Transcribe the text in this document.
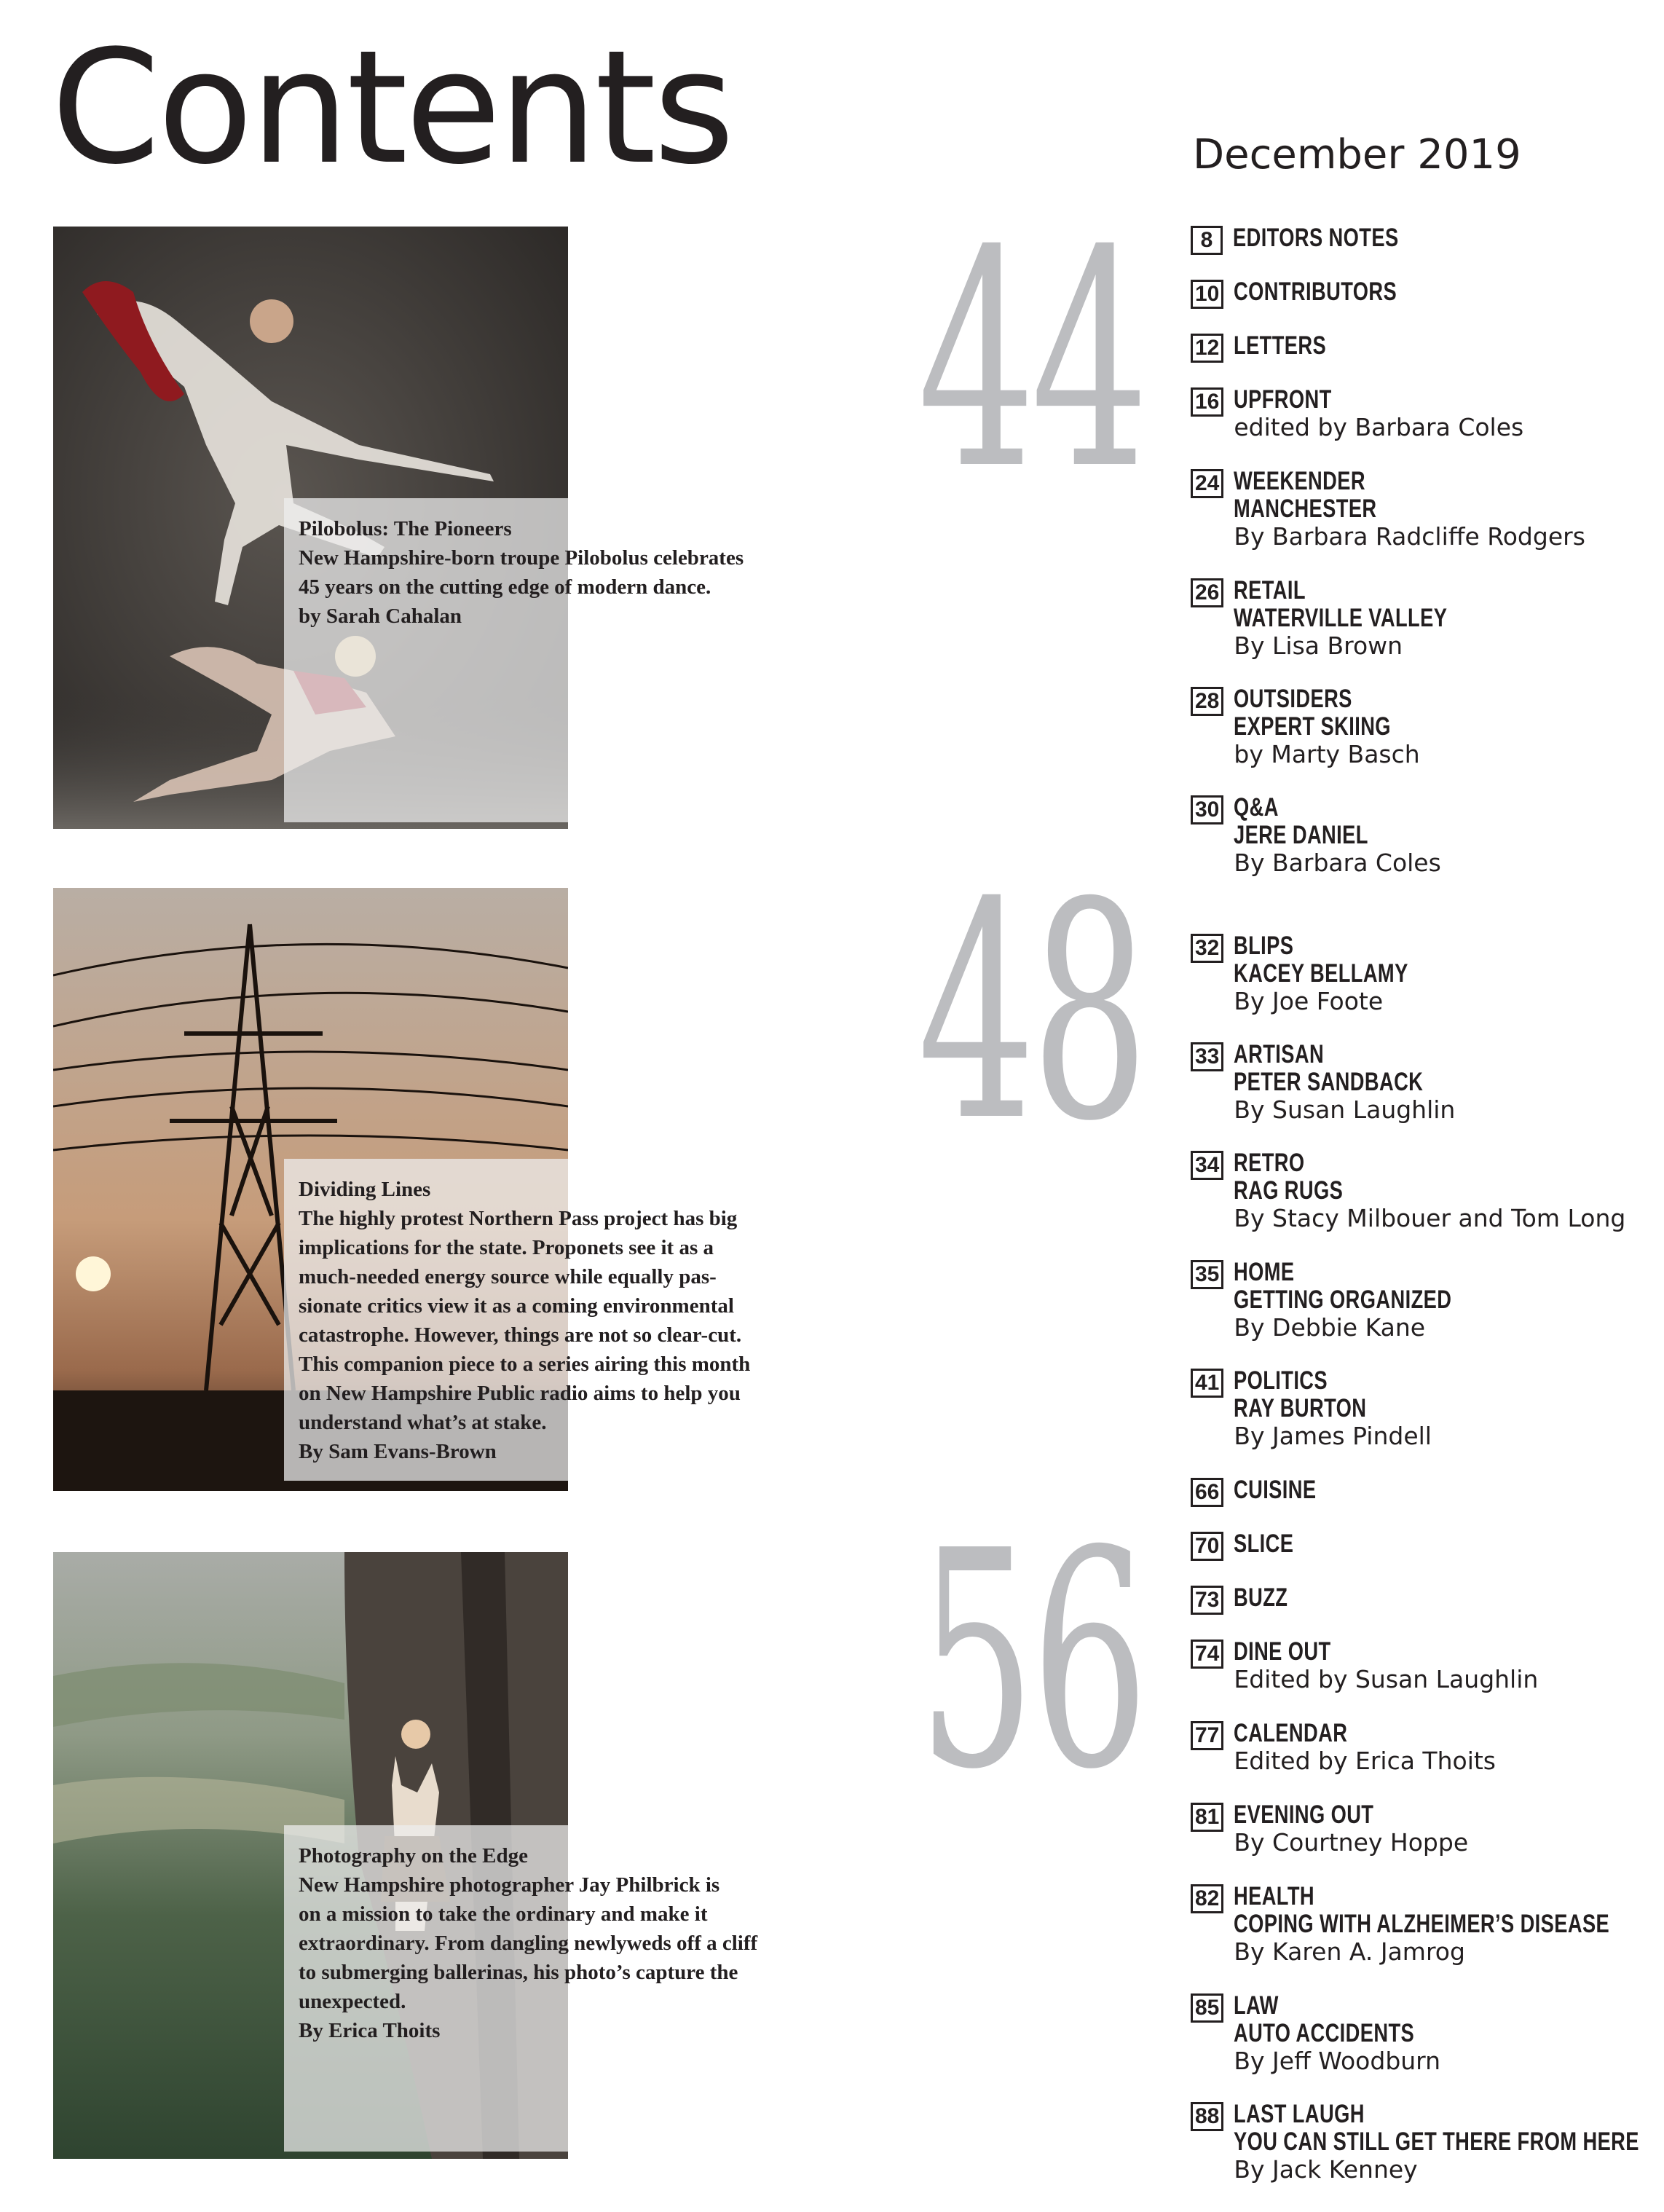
Contents	December 2019
Pilobolus: The Pioneers
New Hampshire-born troupe Pilobolus celebrates
45 years on the cutting edge of modern dance.
by Sarah Cahalan
44
Dividing Lines
The highly protest Northern Pass project has big
implications for the state. Proponets see it as a
much-needed energy source while equally pas-
sionate critics view it as a coming environmental
catastrophe. However, things are not so clear-cut.
This companion piece to a series airing this month
on New Hampshire Public radio aims to help you
understand what’s at stake.
By Sam Evans-Brown
48
Photography on the Edge
New Hampshire photographer Jay Philbrick is
on a mission to take the ordinary and make it
extraordinary. From dangling newlyweds off a cliff
to submerging ballerinas, his photo’s capture the
unexpected.
By Erica Thoits
56
8 EDITORS NOTES
10 CONTRIBUTORS
12 LETTERS
16 UPFRONT
edited by Barbara Coles
24 WEEKENDER
MANCHESTER
By Barbara Radcliffe Rodgers
26 RETAIL
WATERVILLE VALLEY
By Lisa Brown
28 OUTSIDERS
EXPERT SKIING
by Marty Basch
30 Q&A
JERE DANIEL
By Barbara Coles
32 BLIPS
KACEY BELLAMY
By Joe Foote
33 ARTISAN
PETER SANDBACK
By Susan Laughlin
34 RETRO
RAG RUGS
By Stacy Milbouer and Tom Long
35 HOME
GETTING ORGANIZED
By Debbie Kane
41 POLITICS
RAY BURTON
By James Pindell
66 CUISINE
70 SLICE
73 BUZZ
74 DINE OUT
Edited by Susan Laughlin
77 CALENDAR
Edited by Erica Thoits
81 EVENING OUT
By Courtney Hoppe
82 HEALTH
COPING WITH ALZHEIMER’S DISEASE
By Karen A. Jamrog
85 LAW
AUTO ACCIDENTS
By Jeff Woodburn
88 LAST LAUGH
YOU CAN STILL GET THERE FROM HERE
By Jack Kenney
